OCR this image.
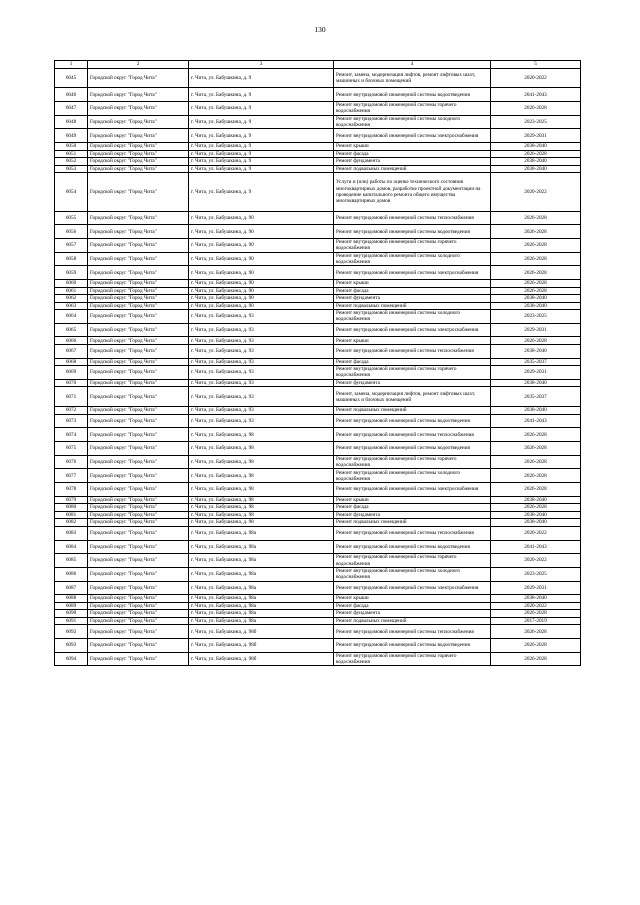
130
1	2	3	4	5
6045	Городской округ "Город Чита"	г. Чита, ул. Бабушкина, д. 9	Ремонт, замена, модернизация лифтов, ремонт лифтовых шахт, машинных и блочных помещений	2020-2022
6046	Городской округ "Город Чита"	г. Чита, ул. Бабушкина, д. 9	Ремонт внутридомовой инженерной системы водоотведения	2041-2043
6047	Городской округ "Город Чита"	г. Чита, ул. Бабушкина, д. 9	Ремонт внутридомовой инженерной системы горячего водоснабжения	2026-2028
6048	Городской округ "Город Чита"	г. Чита, ул. Бабушкина, д. 9	Ремонт внутридомовой инженерной системы холодного водоснабжения	2023-2025
6049	Городской округ "Город Чита"	г. Чита, ул. Бабушкина, д. 9	Ремонт внутридомовой инженерной системы электроснабжения	2029-2031
6050	Городской округ "Город Чита"	г. Чита, ул. Бабушкина, д. 9	Ремонт крыши	2038-2040
6051	Городской округ "Город Чита"	г. Чита, ул. Бабушкина, д. 9	Ремонт фасада	2026-2028
6052	Городской округ "Город Чита"	г. Чита, ул. Бабушкина, д. 9	Ремонт фундамента	2038-2040
6053	Городской округ "Город Чита"	г. Чита, ул. Бабушкина, д. 9	Ремонт подвальных помещений	2038-2040
6054	Городской округ "Город Чита"	г. Чита, ул. Бабушкина, д. 9	Услуги и (или) работы по оценке технического состояния многоквартирных домов, разработке проектной документации на проведение капитального ремонта общего имущества многоквартирных домов	2020-2022
6055	Городской округ "Город Чита"	г. Чита, ул. Бабушкина, д. 90	Ремонт внутридомовой инженерной системы теплоснабжения	2026-2028
6056	Городской округ "Город Чита"	г. Чита, ул. Бабушкина, д. 90	Ремонт внутридомовой инженерной системы водоотведения	2026-2028
6057	Городской округ "Город Чита"	г. Чита, ул. Бабушкина, д. 90	Ремонт внутридомовой инженерной системы горячего водоснабжения	2026-2028
6058	Городской округ "Город Чита"	г. Чита, ул. Бабушкина, д. 90	Ремонт внутридомовой инженерной системы холодного водоснабжения	2026-2028
6059	Городской округ "Город Чита"	г. Чита, ул. Бабушкина, д. 90	Ремонт внутридомовой инженерной системы электроснабжения	2026-2028
6060	Городской округ "Город Чита"	г. Чита, ул. Бабушкина, д. 90	Ремонт крыши	2026-2028
6061	Городской округ "Город Чита"	г. Чита, ул. Бабушкина, д. 90	Ремонт фасада	2026-2028
6062	Городской округ "Город Чита"	г. Чита, ул. Бабушкина, д. 90	Ремонт фундамента	2038-2040
6063	Городской округ "Город Чита"	г. Чита, ул. Бабушкина, д. 90	Ремонт подвальных помещений	2038-2040
6064	Городской округ "Город Чита"	г. Чита, ул. Бабушкина, д. 93	Ремонт внутридомовой инженерной системы холодного водоснабжения	2023-2025
6065	Городской округ "Город Чита"	г. Чита, ул. Бабушкина, д. 93	Ремонт внутридомовой инженерной системы электроснабжения	2029-2031
6066	Городской округ "Город Чита"	г. Чита, ул. Бабушкина, д. 93	Ремонт крыши	2026-2028
6067	Городской округ "Город Чита"	г. Чита, ул. Бабушкина, д. 93	Ремонт внутридомовой инженерной системы теплоснабжения	2038-2040
6068	Городской округ "Город Чита"	г. Чита, ул. Бабушкина, д. 93	Ремонт фасада	2035-2037
6069	Городской округ "Город Чита"	г. Чита, ул. Бабушкина, д. 93	Ремонт внутридомовой инженерной системы горячего водоснабжения	2029-2031
6070	Городской округ "Город Чита"	г. Чита, ул. Бабушкина, д. 93	Ремонт фундамента	2038-2040
6071	Городской округ "Город Чита"	г. Чита, ул. Бабушкина, д. 93	Ремонт, замена, модернизация лифтов, ремонт лифтовых шахт, машинных и блочных помещений	2035-2037
6072	Городской округ "Город Чита"	г. Чита, ул. Бабушкина, д. 93	Ремонт подвальных помещений	2038-2040
6073	Городской округ "Город Чита"	г. Чита, ул. Бабушкина, д. 93	Ремонт внутридомовой инженерной системы водоотведения	2041-2043
6074	Городской округ "Город Чита"	г. Чита, ул. Бабушкина, д. 98	Ремонт внутридомовой инженерной системы теплоснабжения	2026-2028
6075	Городской округ "Город Чита"	г. Чита, ул. Бабушкина, д. 98	Ремонт внутридомовой инженерной системы водоотведения	2026-2028
6076	Городской округ "Город Чита"	г. Чита, ул. Бабушкина, д. 98	Ремонт внутридомовой инженерной системы горячего водоснабжения	2026-2028
6077	Городской округ "Город Чита"	г. Чита, ул. Бабушкина, д. 98	Ремонт внутридомовой инженерной системы холодного водоснабжения	2026-2028
6078	Городской округ "Город Чита"	г. Чита, ул. Бабушкина, д. 98	Ремонт внутридомовой инженерной системы электроснабжения	2026-2028
6079	Городской округ "Город Чита"	г. Чита, ул. Бабушкина, д. 98	Ремонт крыши	2038-2040
6080	Городской округ "Город Чита"	г. Чита, ул. Бабушкина, д. 98	Ремонт фасада	2026-2028
6081	Городской округ "Город Чита"	г. Чита, ул. Бабушкина, д. 98	Ремонт фундамента	2038-2040
6082	Городской округ "Город Чита"	г. Чита, ул. Бабушкина, д. 98	Ремонт подвальных помещений	2038-2040
6083	Городской округ "Город Чита"	г. Чита, ул. Бабушкина, д. 98а	Ремонт внутридомовой инженерной системы теплоснабжения	2020-2022
6084	Городской округ "Город Чита"	г. Чита, ул. Бабушкина, д. 98а	Ремонт внутридомовой инженерной системы водоотведения	2041-2043
6085	Городской округ "Город Чита"	г. Чита, ул. Бабушкина, д. 98а	Ремонт внутридомовой инженерной системы горячего водоснабжения	2020-2022
6086	Городской округ "Город Чита"	г. Чита, ул. Бабушкина, д. 98а	Ремонт внутридомовой инженерной системы холодного водоснабжения	2023-2025
6087	Городской округ "Город Чита"	г. Чита, ул. Бабушкина, д. 98а	Ремонт внутридомовой инженерной системы электроснабжения	2029-2031
6088	Городской округ "Город Чита"	г. Чита, ул. Бабушкина, д. 98а	Ремонт крыши	2038-2040
6089	Городской округ "Город Чита"	г. Чита, ул. Бабушкина, д. 98а	Ремонт фасада	2020-2022
6090	Городской округ "Город Чита"	г. Чита, ул. Бабушкина, д. 98а	Ремонт фундамента	2026-2028
6091	Городской округ "Город Чита"	г. Чита, ул. Бабушкина, д. 98а	Ремонт подвальных помещений	2017-2019
6092	Городской округ "Город Чита"	г. Чита, ул. Бабушкина, д. 98б	Ремонт внутридомовой инженерной системы теплоснабжения	2026-2028
6093	Городской округ "Город Чита"	г. Чита, ул. Бабушкина, д. 98б	Ремонт внутридомовой инженерной системы водоотведения	2026-2028
6094	Городской округ "Город Чита"	г. Чита, ул. Бабушкина, д. 98б	Ремонт внутридомовой инженерной системы горячего водоснабжения	2026-2028
